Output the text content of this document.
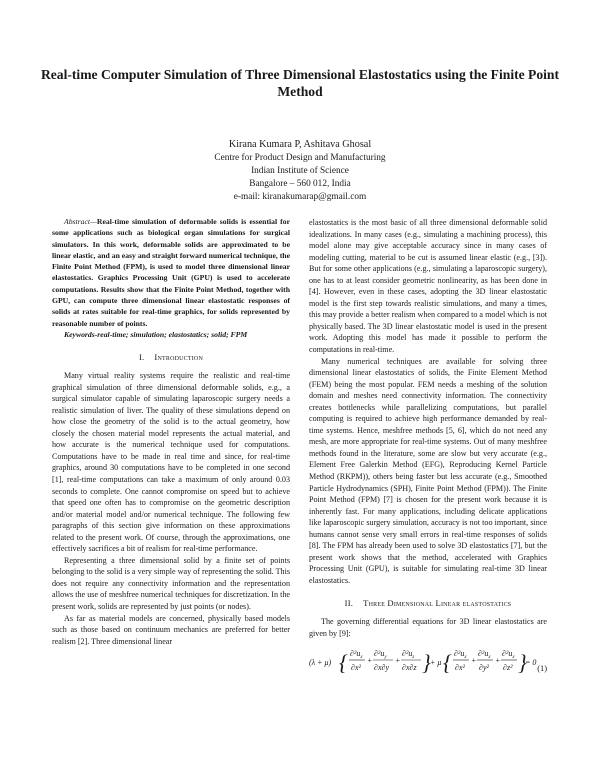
Real-time Computer Simulation of Three Dimensional Elastostatics using the Finite Point Method
Kirana Kumara P, Ashitava Ghosal
Centre for Product Design and Manufacturing
Indian Institute of Science
Bangalore – 560 012, India
e-mail: kiranakumarap@gmail.com

Abstract—Real-time simulation of deformable solids is essential for some applications such as biological organ simulations for surgical simulators. In this work, deformable solids are approximated to be linear elastic, and an easy and straight forward numerical technique, the Finite Point Method (FPM), is used to model three dimensional linear elastostatics. Graphics Processing Unit (GPU) is used to accelerate computations. Results show that the Finite Point Method, together with GPU, can compute three dimensional linear elastostatic responses of solids at rates suitable for real-time graphics, for solids represented by reasonable number of points.

Keywords-real-time; simulation; elastostatics; solid; FPM

I. Introduction

Many virtual reality systems require the realistic and real-time graphical simulation of three dimensional deformable solids, e.g., a surgical simulator capable of simulating laparoscopic surgery needs a realistic simulation of liver. The quality of these simulations depend on how close the geometry of the solid is to the actual geometry, how closely the chosen material model represents the actual material, and how accurate is the numerical technique used for computations. Computations have to be made in real time and since, for real-time graphics, around 30 computations have to be completed in one second [1], real-time computations can take a maximum of only around 0.03 seconds to complete. One cannot compromise on speed but to achieve that speed one often has to compromise on the geometric description and/or material model and/or numerical technique. The following few paragraphs of this section give information on these approximations related to the present work. Of course, through the approximations, one effectively sacrifices a bit of realism for real-time performance.

Representing a three dimensional solid by a finite set of points belonging to the solid is a very simple way of representing the solid. This does not require any connectivity information and the representation allows the use of meshfree numerical techniques for discretization. In the present work, solids are represented by just points (or nodes).

As far as material models are concerned, physically based models such as those based on continuum mechanics are preferred for better realism [2]. Three dimensional linear

elastostatics is the most basic of all three dimensional deformable solid idealizations. In many cases (e.g., simulating a machining process), this model alone may give acceptable accuracy since in many cases of modeling cutting, material to be cut is assumed linear elastic (e.g., [3]). But for some other applications (e.g., simulating a laparoscopic surgery), one has to at least consider geometric nonlinearity, as has been done in [4]. However, even in these cases, adopting the 3D linear elastostatic model is the first step towards realistic simulations, and many a times, this may provide a better realism when compared to a model which is not physically based. The 3D linear elastostatic model is used in the present work. Adopting this model has made it possible to perform the computations in real-time.

Many numerical techniques are available for solving three dimensional linear elastostatics of solids, the Finite Element Method (FEM) being the most popular. FEM needs a meshing of the solution domain and meshes need connectivity information. The connectivity creates bottlenecks while parallelizing computations, but parallel computing is required to achieve high performance demanded by real-time systems. Hence, meshfree methods [5, 6], which do not need any mesh, are more appropriate for real-time systems. Out of many meshfree methods found in the literature, some are slow but very accurate (e.g., Element Free Galerkin Method (EFG), Reproducing Kernel Particle Method (RKPM)), others being faster but less accurate (e.g., Smoothed Particle Hydrodynamics (SPH), Finite Point Method (FPM)). The Finite Point Method (FPM) [7] is chosen for the present work because it is inherently fast. For many applications, including delicate applications like laparoscopic surgery simulation, accuracy is not too important, since humans cannot sense very small errors in real-time responses of solids [8]. The FPM has already been used to solve 3D elastostatics [7], but the present work shows that the method, accelerated with Graphics Processing Unit (GPU), is suitable for simulating real-time 3D linear elastostatics.

II. Three Dimensional Linear elastostatics

The governing differential equations for 3D linear elastostatics are given by [9]:

(λ + μ) { $\partial^2u_x$
∂x²
+
$\partial^2u_y$
∂x∂y
+
$\partial^2u_z$
∂x∂z } + μ { $\partial^2u_x$
∂x²
+
$\partial^2u_x$
∂y²
+
$\partial^2u_x$
∂z² }
= 0
(1)
